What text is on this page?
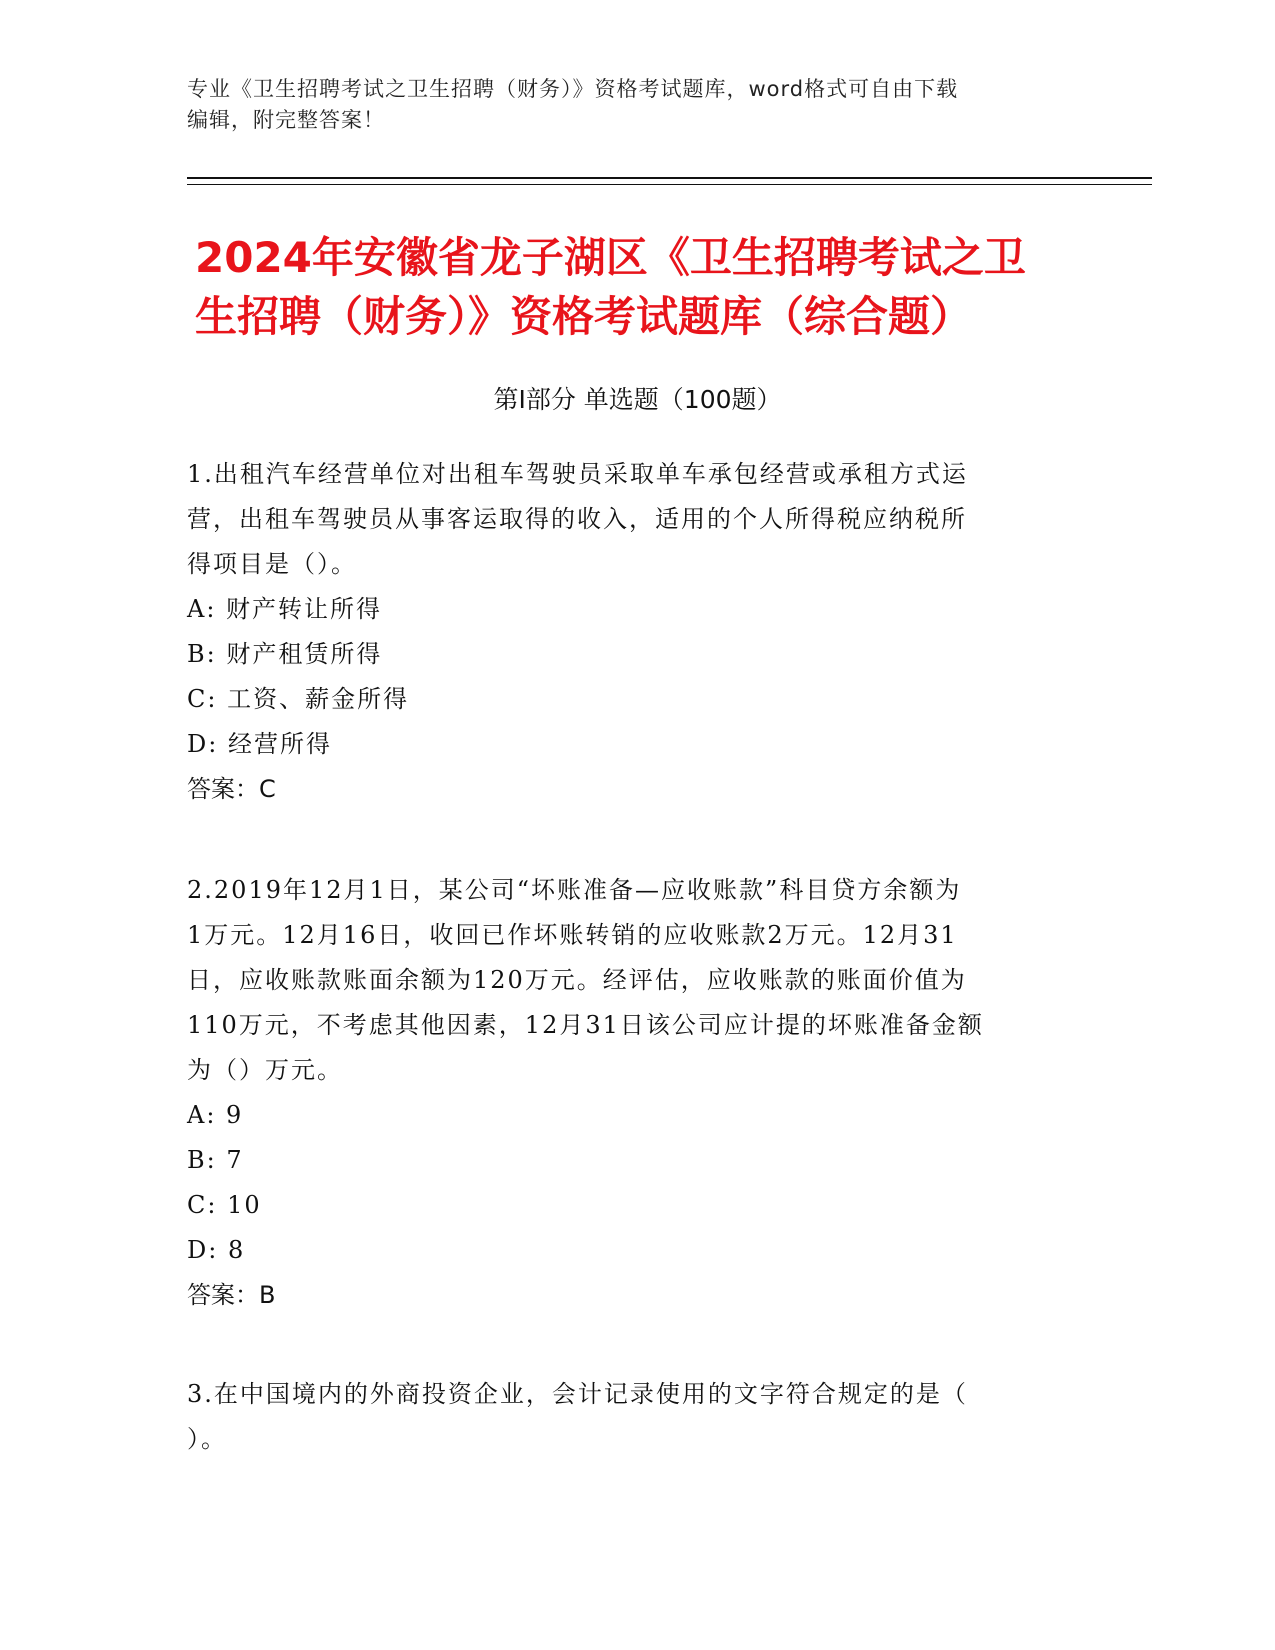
专业《卫生招聘考试之卫生招聘（财务）》资格考试题库，word格式可自由下载
编辑，附完整答案！
2024年安徽省龙子湖区《卫生招聘考试之卫
生招聘（财务）》资格考试题库（综合题）
第Ⅰ部分 单选题（100题）

1.出租汽车经营单位对出租车驾驶员采取单车承包经营或承租方式运

营，出租车驾驶员从事客运取得的收入，适用的个人所得税应纳税所

得项目是（）。

A: 财产转让所得

B: 财产租赁所得

C: 工资、薪金所得

D: 经营所得

答案：C

2.2019年12月1日，某公司“坏账准备—应收账款”科目贷方余额为

1万元。12月16日，收回已作坏账转销的应收账款2万元。12月31

日，应收账款账面余额为120万元。经评估，应收账款的账面价值为

110万元，不考虑其他因素，12月31日该公司应计提的坏账准备金额

为（）万元。

A: 9

B: 7

C: 10

D: 8

答案：B

3.在中国境内的外商投资企业，会计记录使用的文字符合规定的是（

）。
